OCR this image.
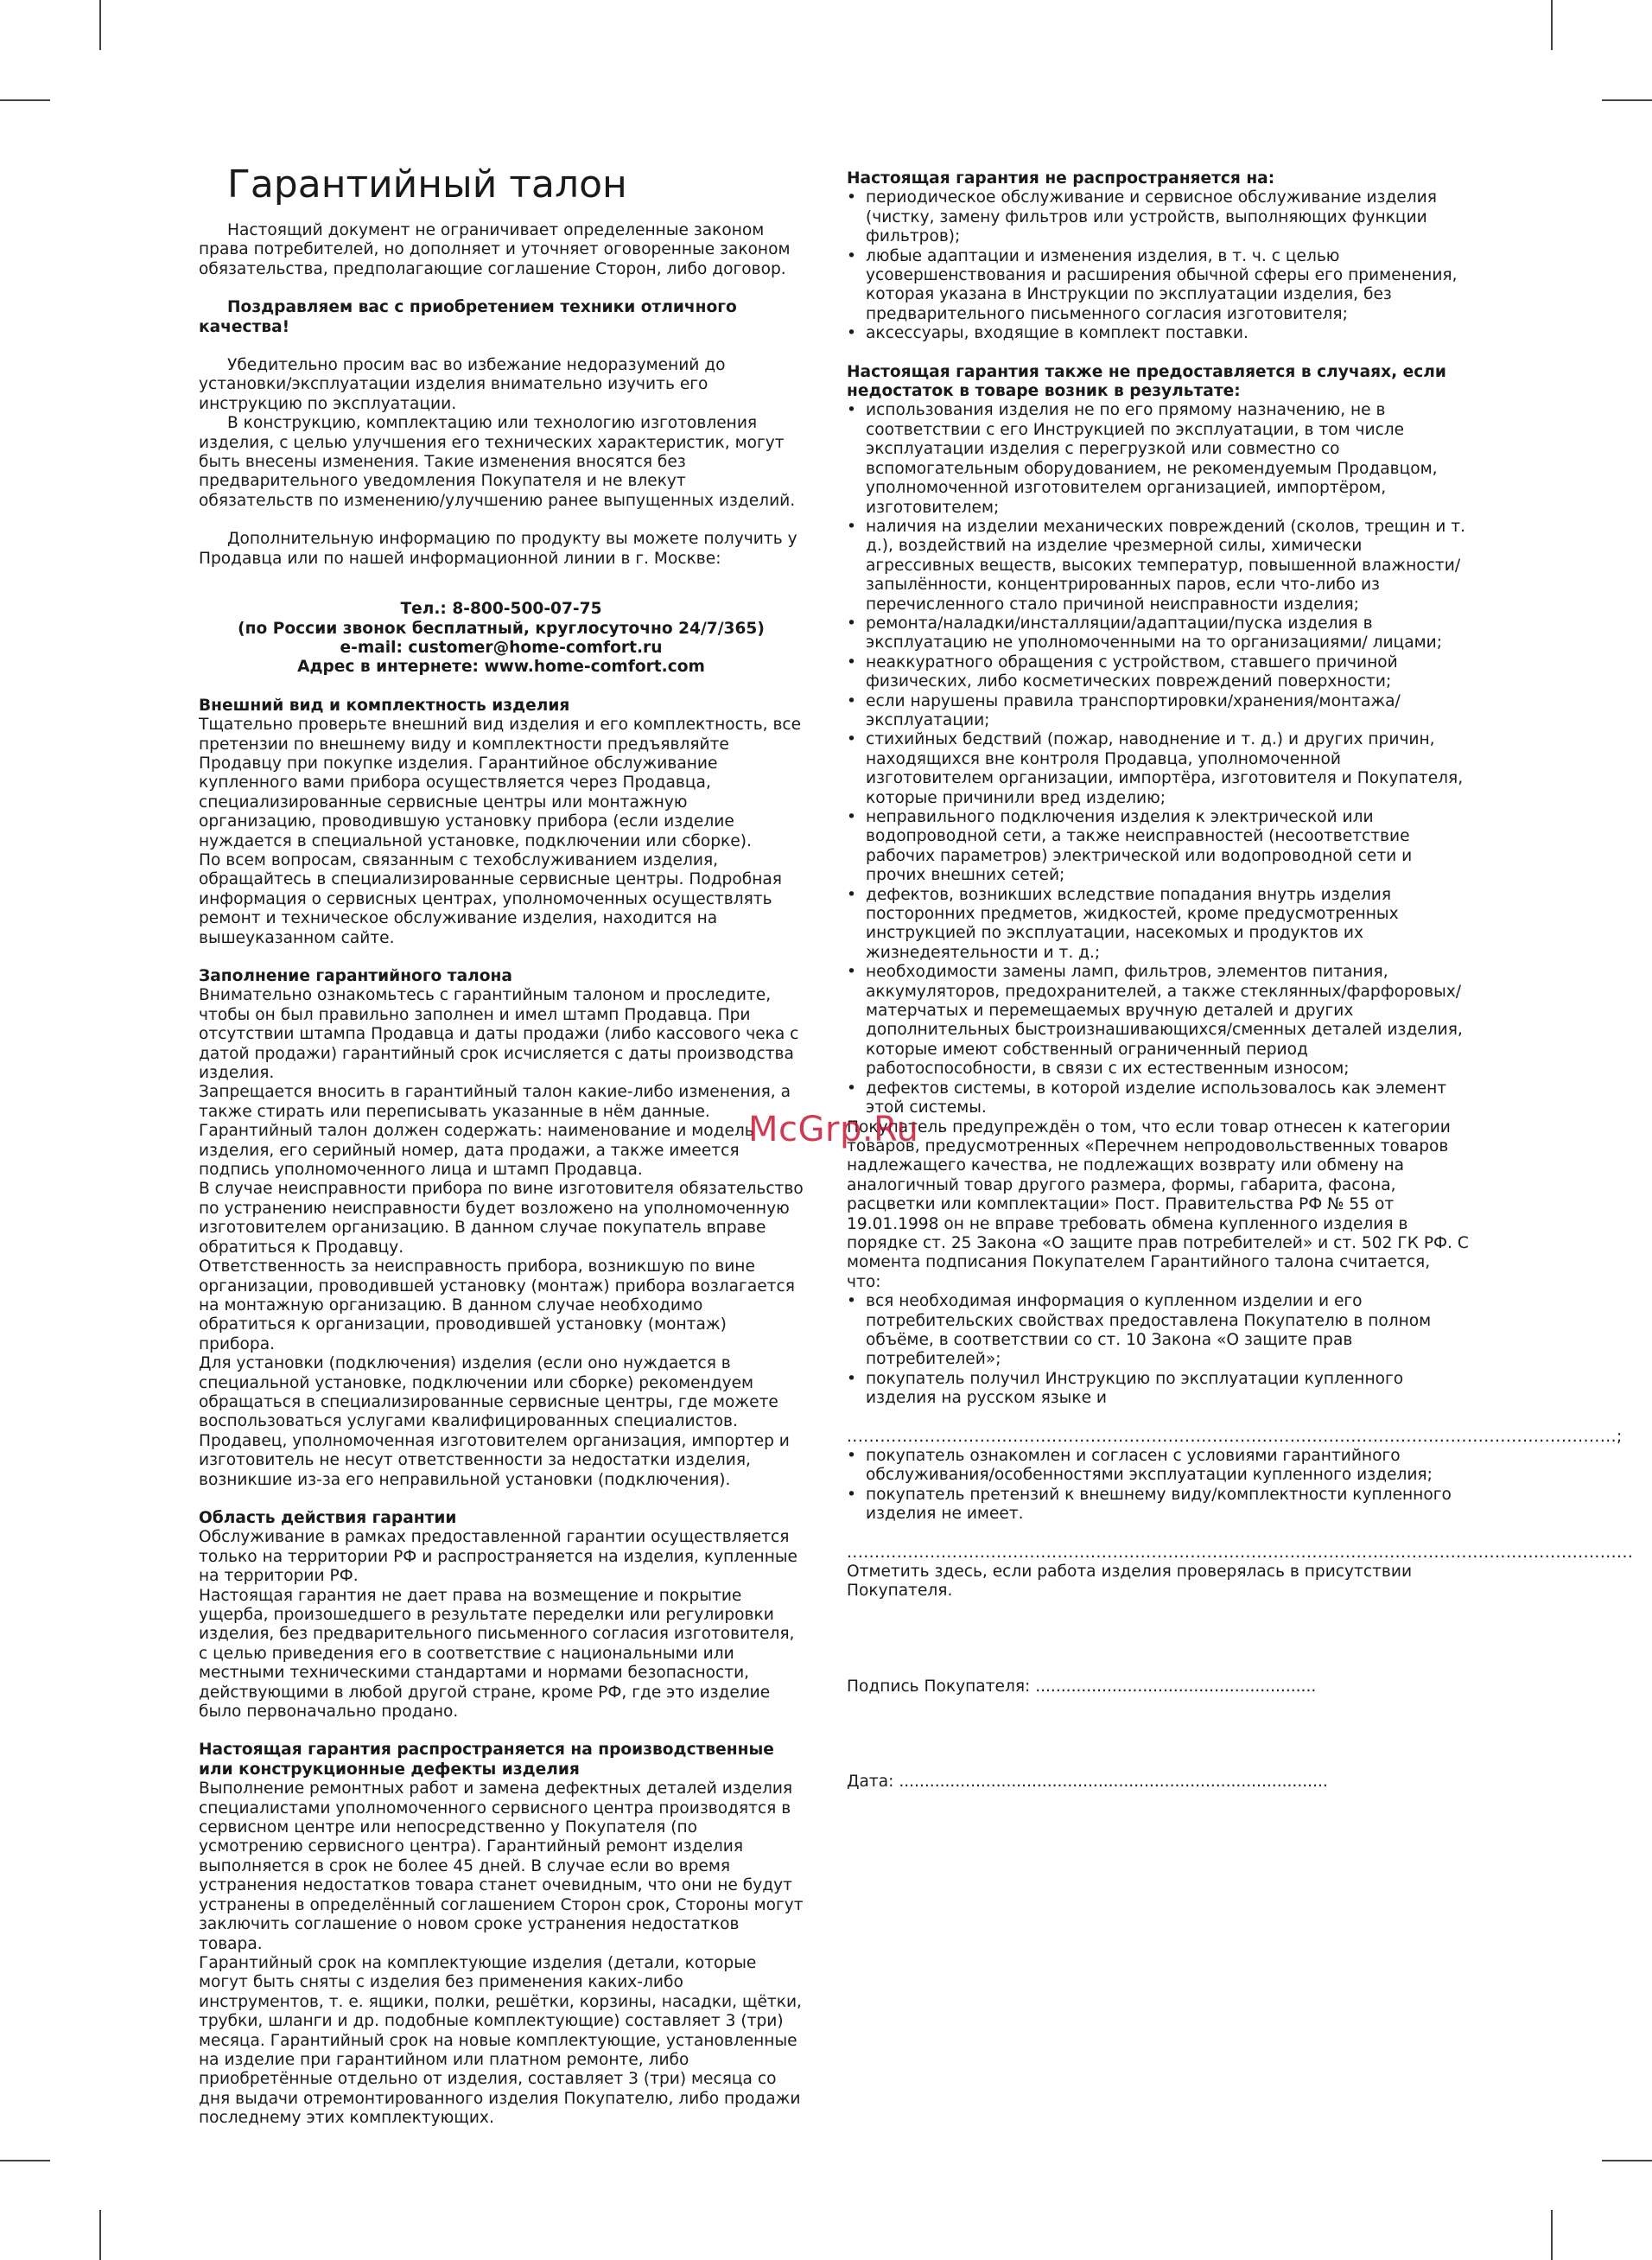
Гарантийный талон

Настоящий документ не ограничивает определенные законом права потребителей, но дополняет и уточняет оговоренные законом обязательства, предполагающие соглашение Сторон, либо договор.

Поздравляем вас с приобретением техники отличного качества!

Убедительно просим вас во избежание недоразумений до установки/эксплуатации изделия внимательно изучить его инструкцию по эксплуатации.

В конструкцию, комплектацию или технологию изготовления изделия, с целью улучшения его технических характеристик, могут быть внесены изменения. Такие изменения вносятся без предварительного уведомления Покупателя и не влекут обязательств по изменению/улучшению ранее выпущенных изделий.

Дополнительную информацию по продукту вы можете получить у Продавца или по нашей информационной линии в г. Москве:

Тел.: 8-800-500-07-75

(по России звонок бесплатный, круглосуточно 24/7/365)

e-mail: customer@home-comfort.ru

Адрес в интернете: www.home-comfort.com

Внешний вид и комплектность изделия

Тщательно проверьте внешний вид изделия и его комплектность, все претензии по внешнему виду и комплектности предъявляйте Продавцу при покупке изделия. Гарантийное обслуживание купленного вами прибора осуществляется через Продавца, специализированные сервисные центры или монтажную организацию, проводившую установку прибора (если изделие нуждается в специальной установке, подключении или сборке).

По всем вопросам, связанным с техобслуживанием изделия, обращайтесь в специализированные сервисные центры. Подробная информация о сервисных центрах, уполномоченных осуществлять ремонт и техническое обслуживание изделия, находится на вышеуказанном сайте.

Заполнение гарантийного талона

Внимательно ознакомьтесь с гарантийным талоном и проследите, чтобы он был правильно заполнен и имел штамп Продавца. При отсутствии штампа Продавца и даты продажи (либо кассового чека с датой продажи) гарантийный срок исчисляется с даты производства изделия.

Запрещается вносить в гарантийный талон какие-либо изменения, а также стирать или переписывать указанные в нём данные. Гарантийный талон должен содержать: наименование и модель изделия, его серийный номер, дата продажи, а также имеется подпись уполномоченного лица и штамп Продавца.

В случае неисправности прибора по вине изготовителя обязательство по устранению неисправности будет возложено на уполномоченную изготовителем организацию. В данном случае покупатель вправе обратиться к Продавцу.

Ответственность за неисправность прибора, возникшую по вине организации, проводившей установку (монтаж) прибора возлагается на монтажную организацию. В данном случае необходимо обратиться к организации, проводившей установку (монтаж) прибора.

Для установки (подключения) изделия (если оно нуждается в специальной установке, подключении или сборке) рекомендуем обращаться в специализированные сервисные центры, где можете воспользоваться услугами квалифицированных специалистов. Продавец, уполномоченная изготовителем организация, импортер и изготовитель не несут ответственности за недостатки изделия, возникшие из-за его неправильной установки (подключения).

Область действия гарантии

Обслуживание в рамках предоставленной гарантии осуществляется только на территории РФ и распространяется на изделия, купленные на территории РФ.

Настоящая гарантия не дает права на возмещение и покрытие ущерба, произошедшего в результате переделки или регулировки изделия, без предварительного письменного согласия изготовителя, с целью приведения его в соответствие с национальными или местными техническими стандартами и нормами безопасности, действующими в любой другой стране, кроме РФ, где это изделие было первоначально продано.

Настоящая гарантия распространяется на производственные или конструкционные дефекты изделия

Выполнение ремонтных работ и замена дефектных деталей изделия специалистами уполномоченного сервисного центра производятся в сервисном центре или непосредственно у Покупателя (по усмотрению сервисного центра). Гарантийный ремонт изделия выполняется в срок не более 45 дней. В случае если во время устранения недостатков товара станет очевидным, что они не будут устранены в определённый соглашением Сторон срок, Стороны могут заключить соглашение о новом сроке устранения недостатков товара.

Гарантийный срок на комплектующие изделия (детали, которые могут быть сняты с изделия без применения каких-либо инструментов, т. е. ящики, полки, решётки, корзины, насадки, щётки, трубки, шланги и др. подобные комплектующие) составляет 3 (три) месяца. Гарантийный срок на новые комплектующие, установленные на изделие при гарантийном или платном ремонте, либо приобретённые отдельно от изделия, составляет 3 (три) месяца со дня выдачи отремонтированного изделия Покупателю, либо продажи последнему этих комплектующих.

Настоящая гарантия не распространяется на:

• периодическое обслуживание и сервисное обслуживание изделия (чистку, замену фильтров или устройств, выполняющих функции фильтров);
• любые адаптации и изменения изделия, в т. ч. с целью усовершенствования и расширения обычной сферы его применения, которая указана в Инструкции по эксплуатации изделия, без предварительного письменного согласия изготовителя;
• аксессуары, входящие в комплект поставки.

Настоящая гарантия также не предоставляется в случаях, если недостаток в товаре возник в результате:

• использования изделия не по его прямому назначению, не в соответствии с его Инструкцией по эксплуатации, в том числе эксплуатации изделия с перегрузкой или совместно со вспомогательным оборудованием, не рекомендуемым Продавцом, уполномоченной изготовителем организацией, импортёром, изготовителем;
• наличия на изделии механических повреждений (сколов, трещин и т. д.), воздействий на изделие чрезмерной силы, химически агрессивных веществ, высоких температур, повышенной влажности/запылённости, концентрированных паров, если что-либо из перечисленного стало причиной неисправности изделия;
• ремонта/наладки/инсталляции/адаптации/пуска изделия в эксплуатацию не уполномоченными на то организациями/ лицами;
• неаккуратного обращения с устройством, ставшего причиной физических, либо косметических повреждений поверхности;
• если нарушены правила транспортировки/хранения/монтажа/эксплуатации;
• стихийных бедствий (пожар, наводнение и т. д.) и других причин, находящихся вне контроля Продавца, уполномоченной изготовителем организации, импортёра, изготовителя и Покупателя, которые причинили вред изделию;
• неправильного подключения изделия к электрической или водопроводной сети, а также неисправностей (несоответствие рабочих параметров) электрической или водопроводной сети и прочих внешних сетей;
• дефектов, возникших вследствие попадания внутрь изделия посторонних предметов, жидкостей, кроме предусмотренных инструкцией по эксплуатации, насекомых и продуктов их жизнедеятельности и т. д.;
• необходимости замены ламп, фильтров, элементов питания, аккумуляторов, предохранителей, а также стеклянных/фарфоровых/матерчатых и перемещаемых вручную деталей и других дополнительных быстроизнашивающихся/сменных деталей изделия, которые имеют собственный ограниченный период работоспособности, в связи с их естественным износом;
• дефектов системы, в которой изделие использовалось как элемент этой системы.

Покупатель предупреждён о том, что если товар отнесен к категории товаров, предусмотренных «Перечнем непродовольственных товаров надлежащего качества, не подлежащих возврату или обмену на аналогичный товар другого размера, формы, габарита, фасона, расцветки или комплектации» Пост. Правительства РФ № 55 от 19.01.1998 он не вправе требовать обмена купленного изделия в порядке ст. 25 Закона «О защите прав потребителей» и ст. 502 ГК РФ. С момента подписания Покупателем Гарантийного талона считается, что:

• вся необходимая информация о купленном изделии и его потребительских свойствах предоставлена Покупателю в полном объёме, в соответствии со ст. 10 Закона «О защите прав потребителей»;
• покупатель получил Инструкцию по эксплуатации купленного изделия на русском языке и

...........................................................................................................................................;

• покупатель ознакомлен и согласен с условиями гарантийного обслуживания/особенностями эксплуатации купленного изделия;
• покупатель претензий к внешнему виду/комплектности купленного изделия не имеет.

..............................................................................................................................................

Отметить здесь, если работа изделия проверялась в присутствии Покупателя.

Подпись Покупателя: .......................................................

Дата: ....................................................................................

McGrp.Ru
